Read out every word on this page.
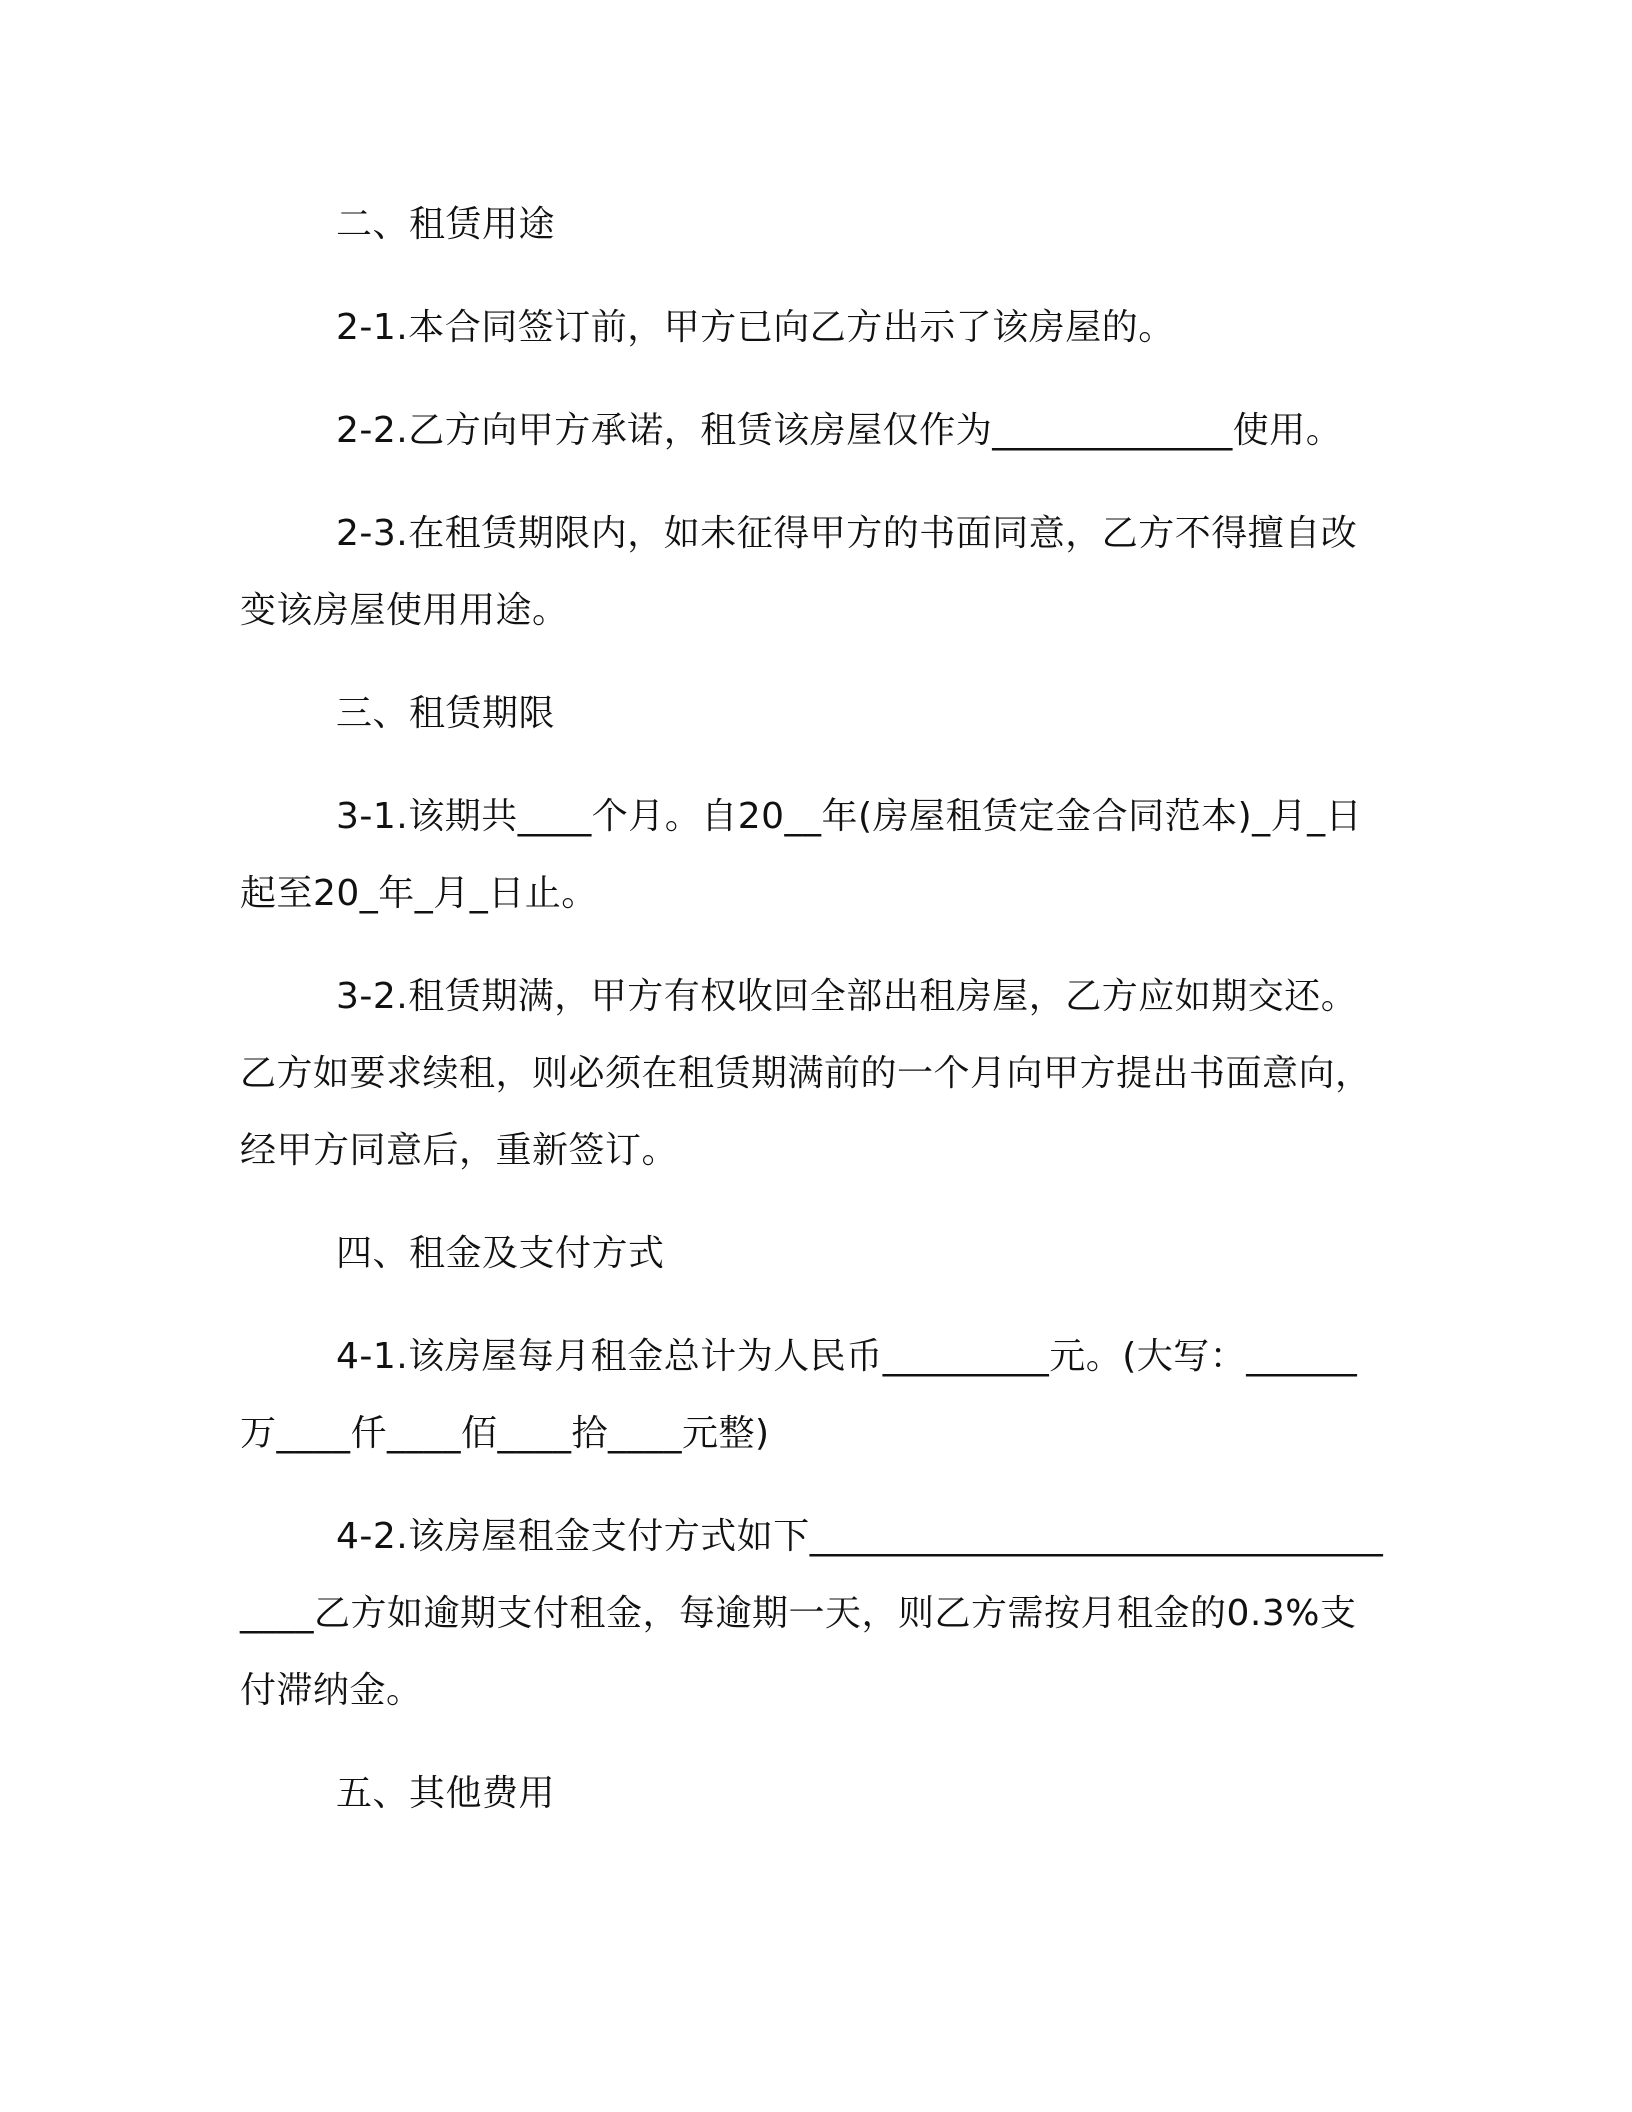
二、租赁用途

2-1.本合同签订前，甲方已向乙方出示了该房屋的。

2-2.乙方向甲方承诺，租赁该房屋仅作为_____________使用。

2-3.在租赁期限内，如未征得甲方的书面同意，乙方不得擅自改变该房屋使用用途。

三、租赁期限

3-1.该期共____个月。自20__年(房屋租赁定金合同范本)_月_日起至20_年_月_日止。

3-2.租赁期满，甲方有权收回全部出租房屋，乙方应如期交还。乙方如要求续租，则必须在租赁期满前的一个月向甲方提出书面意向，经甲方同意后，重新签订。

四、租金及支付方式

4-1.该房屋每月租金总计为人民币_________元。(大写：______万____仟____佰____拾____元整)

4-2.该房屋租金支付方式如下___________________________________乙方如逾期支付租金，每逾期一天，则乙方需按月租金的0.3%支付滞纳金。

五、其他费用
